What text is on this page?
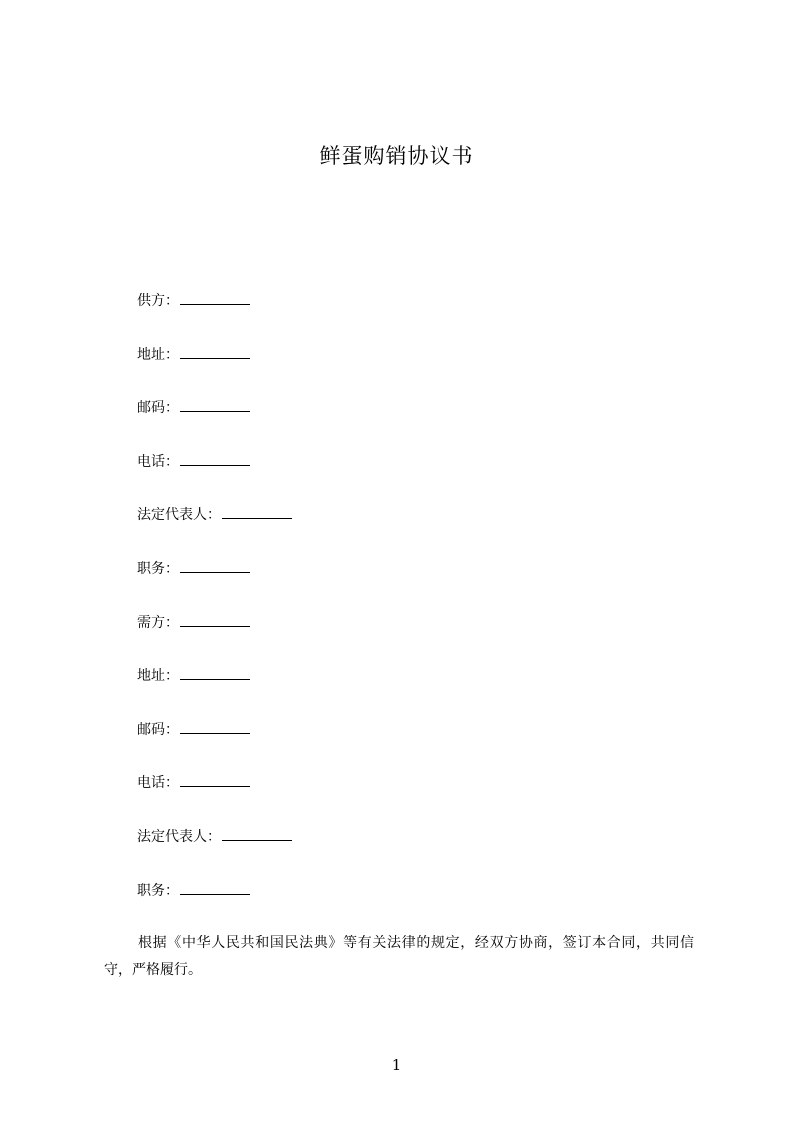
鲜蛋购销协议书
供方：
地址：
邮码：
电话：
法定代表人：
职务：
需方：
地址：
邮码：
电话：
法定代表人：
职务：
根据《中华人民共和国民法典》等有关法律的规定，经双方协商，签订本合同，共同信守，严格履行。
1
